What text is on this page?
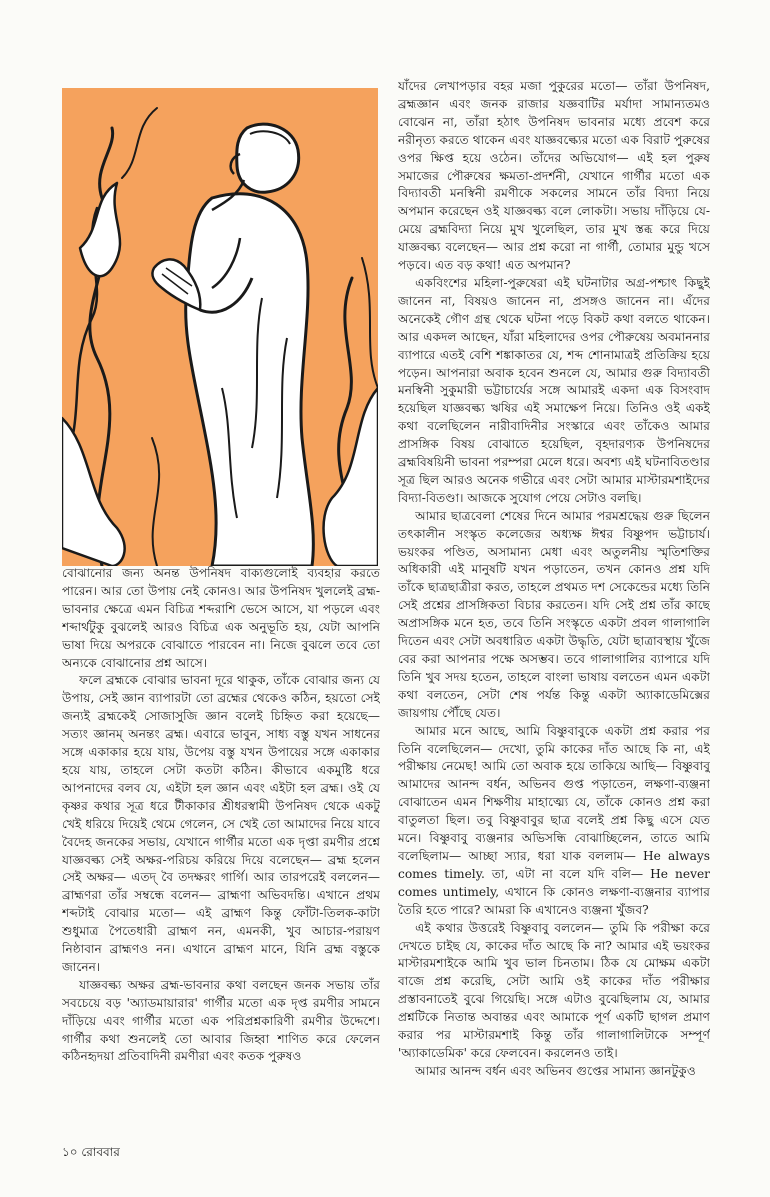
বোঝানোর জন্য অনন্ত উপনিষদ বাক্যগুলোই ব্যবহার করতে পারেন। আর তো উপায় নেই কোনও। আর উপনিষদ খুললেই ব্রহ্ম-ভাবনার ক্ষেত্রে এমন বিচিত্র শব্দরাশি ভেসে আসে, যা পড়লে এবং শব্দার্থটুকু বুঝলেই আরও বিচিত্র এক অনুভূতি হয়, যেটা আপনি ভাষা দিয়ে অপরকে বোঝাতে পারবেন না। নিজে বুঝলে তবে তো অন্যকে বোঝানোর প্রশ্ন আসে।

ফলে ব্রহ্মকে বোঝার ভাবনা দূরে থাকুক, তাঁকে বোঝার জন্য যে উপায়, সেই জ্ঞান ব্যাপারটা তো ব্রহ্মের থেকেও কঠিন, হয়তো সেই জন্যই ব্রহ্মকেই সোজাসুজি জ্ঞান বলেই চিহ্নিত করা হয়েছে— সত্যং জ্ঞানম্ অনন্তং ব্রহ্ম। এবারে ভাবুন, সাধ্য বস্তু যখন সাধনের সঙ্গে একাকার হয়ে যায়, উপেয় বস্তু যখন উপায়ের সঙ্গে একাকার হয়ে যায়, তাহলে সেটা কতটা কঠিন। কীভাবে একমুষ্টি ধরে আপনাদের বলব যে, এইটা হল জ্ঞান এবং এইটা হল ব্রহ্ম। ওই যে কৃষ্ণর কথার সূত্র ধরে টীকাকার শ্রীধরস্বামী উপনিষদ থেকে একটু খেই ধরিয়ে দিয়েই থেমে গেলেন, সে খেই তো আমাদের নিয়ে যাবে বৈদেহ জনকের সভায়, যেখানে গার্গীর মতো এক দৃপ্তা রমণীর প্রশ্নে যাজ্ঞবল্ক্য সেই অক্ষর-পরিচয় করিয়ে দিয়ে বলেছেন— ব্রহ্ম হলেন সেই অক্ষর— এতদ্ বৈ তদক্ষরং গার্গি। আর তারপরেই বললেন— ব্রাহ্মণরা তাঁর সম্বন্ধে বলেন— ব্রাহ্মণা অভিবদন্তি। এখানে প্রথম শব্দটাই বোঝার মতো— এই ব্রাহ্মণ কিন্তু ফোঁটা-তিলক-কাটা শুধুমাত্র পৈতেধারী ব্রাহ্মণ নন, এমনকী, খুব আচার-পরায়ণ নিষ্ঠাবান ব্রাহ্মণও নন। এখানে ব্রাহ্মণ মানে, যিনি ব্রহ্ম বস্তুকে জানেন।

যাজ্ঞবল্ক্য অক্ষর ব্রহ্ম-ভাবনার কথা বলছেন জনক সভায় তাঁর সবচেয়ে বড় 'অ্যাডমায়ারার' গার্গীর মতো এক দৃপ্ত রমণীর সামনে দাঁড়িয়ে এবং গার্গীর মতো এক পরিপ্রশ্নকারিণী রমণীর উদ্দেশে। গার্গীর কথা শুনলেই তো আবার জিহ্বা শাণিত করে ফেলেন কঠিনহৃদয়া প্রতিবাদিনী রমণীরা এবং কতক পুরুষও

যাঁদের লেখাপড়ার বহর মজা পুকুরের মতো— তাঁরা উপনিষদ, ব্রহ্মজ্ঞান এবং জনক রাজার যজ্ঞবাটির মর্যাদা সামান্যতমও বোঝেন না, তাঁরা হঠাৎ উপনিষদ ভাবনার মধ্যে প্রবেশ করে নরীনৃত্য করতে থাকেন এবং যাজ্ঞবল্ক্যের মতো এক বিরাট পুরুষের ওপর ক্ষিপ্ত হয়ে ওঠেন। তাঁদের অভিযোগ— এই হল পুরুষ সমাজের পৌরুষের ক্ষমতা-প্রদর্শনী, যেখানে গার্গীর মতো এক বিদ্যাবতী মনস্বিনী রমণীকে সকলের সামনে তাঁর বিদ্যা নিয়ে অপমান করেছেন ওই যাজ্ঞবল্ক্য বলে লোকটা। সভায় দাঁড়িয়ে যে-মেয়ে ব্রহ্মবিদ্যা নিয়ে মুখ খুলেছিল, তার মুখ স্তব্ধ করে দিয়ে যাজ্ঞবল্ক্য বলেছেন— আর প্রশ্ন করো না গার্গী, তোমার মুন্ডু খসে পড়বে। এত বড় কথা! এত অপমান?

একবিংশের মহিলা-পুরুষেরা এই ঘটনাটার অগ্র-পশ্চাৎ কিছুই জানেন না, বিষয়ও জানেন না, প্রসঙ্গও জানেন না। এঁদের অনেকেই গৌণ গ্রন্থ থেকে ঘটনা পড়ে বিকট কথা বলতে থাকেন। আর একদল আছেন, যাঁরা মহিলাদের ওপর পৌরুষেয় অবমাননার ব্যাপারে এতই বেশি শঙ্কাকাতর যে, শব্দ শোনামাত্রই প্রতিক্রিয় হয়ে পড়েন। আপনারা অবাক হবেন শুনলে যে, আমার গুরু বিদ্যাবতী মনস্বিনী সুকুমারী ভট্টাচার্যের সঙ্গে আমারই একদা এক বিসংবাদ হয়েছিল যাজ্ঞবল্ক্য ঋষির এই সমাক্ষেপ নিয়ে। তিনিও ওই একই কথা বলেছিলেন নারীবাদিনীর সংস্কারে এবং তাঁকেও আমার প্রাসঙ্গিক বিষয় বোঝাতে হয়েছিল, বৃহদারণ্যক উপনিষদের ব্রহ্মবিষয়িনী ভাবনা পরম্পরা মেলে ধরে। অবশ্য এই ঘটনাবিতণ্ডার সূত্র ছিল আরও অনেক গভীরে এবং সেটা আমার মাস্টারমশাইদের বিদ্যা-বিতণ্ডা। আজকে সুযোগ পেয়ে সেটাও বলছি।

আমার ছাত্রবেলা শেষের দিনে আমার পরমশ্রদ্ধেয় গুরু ছিলেন তৎকালীন সংস্কৃত কলেজের অধ্যক্ষ ঈশ্বর বিষ্ণুপদ ভট্টাচার্য। ভয়ংকর পণ্ডিত, অসামান্য মেধা এবং অতুলনীয় স্মৃতিশক্তির অধিকারী এই মানুষটি যখন পড়াতেন, তখন কোনও প্রশ্ন যদি তাঁকে ছাত্রছাত্রীরা করত, তাহলে প্রথমত দশ সেকেন্ডের মধ্যে তিনি সেই প্রশ্নের প্রাসঙ্গিকতা বিচার করতেন। যদি সেই প্রশ্ন তাঁর কাছে অপ্রাসঙ্গিক মনে হত, তবে তিনি সংস্কৃতে একটা প্রবল গালাগালি দিতেন এবং সেটা অবধারিত একটা উদ্ধৃতি, যেটা ছাত্রাবস্থায় খুঁজে বের করা আপনার পক্ষে অসম্ভব। তবে গালাগালির ব্যাপারে যদি তিনি খুব সদয় হতেন, তাহলে বাংলা ভাষায় বলতেন এমন একটা কথা বলতেন, সেটা শেষ পর্যন্ত কিন্তু একটা অ্যাকাডেমিক্সের জায়গায় পৌঁছে যেত।

আমার মনে আছে, আমি বিষ্ণুবাবুকে একটা প্রশ্ন করার পর তিনি বলেছিলেন— দেখো, তুমি কাকের দাঁত আছে কি না, এই পরীক্ষায় নেমেছ! আমি তো অবাক হয়ে তাকিয়ে আছি— বিষ্ণুবাবু আমাদের আনন্দ বর্ধন, অভিনব গুপ্ত পড়াতেন, লক্ষণা-ব্যঞ্জনা বোঝাতেন এমন শিক্ষণীয় মাহাত্ম্যে যে, তাঁকে কোনও প্রশ্ন করা বাতুলতা ছিল। তবু বিষ্ণুবাবুর ছাত্র বলেই প্রশ্ন কিছু এসে যেত মনে। বিষ্ণুবাবু ব্যঞ্জনার অভিসন্ধি বোঝাচ্ছিলেন, তাতে আমি বলেছিলাম— আচ্ছা স্যার, ধরা যাক বললাম— He always comes timely. তা, এটা না বলে যদি বলি— He never comes untimely, এখানে কি কোনও লক্ষণা-ব্যঞ্জনার ব্যাপার তৈরি হতে পারে? আমরা কি এখানেও ব্যঞ্জনা খুঁজব?

এই কথার উত্তরেই বিষ্ণুবাবু বললেন— তুমি কি পরীক্ষা করে দেখতে চাইছ যে, কাকের দাঁত আছে কি না? আমার এই ভয়ংকর মাস্টারমশাইকে আমি খুব ভাল চিনতাম। ঠিক যে মোক্ষম একটা বাজে প্রশ্ন করেছি, সেটা আমি ওই কাকের দাঁত পরীক্ষার প্রস্তাবনাতেই বুঝে গিয়েছি। সঙ্গে এটাও বুঝেছিলাম যে, আমার প্রশ্নটিকে নিতান্ত অবান্তর এবং আমাকে পূর্ণ একটি ছাগল প্রমাণ করার পর মাস্টারমশাই কিন্তু তাঁর গালাগালিটাকে সম্পূর্ণ 'অ্যাকাডেমিক' করে ফেলবেন। করলেনও তাই।

আমার আনন্দ বর্ধন এবং অভিনব গুপ্তের সামান্য জ্ঞানটুকুও

১০ রোববার
